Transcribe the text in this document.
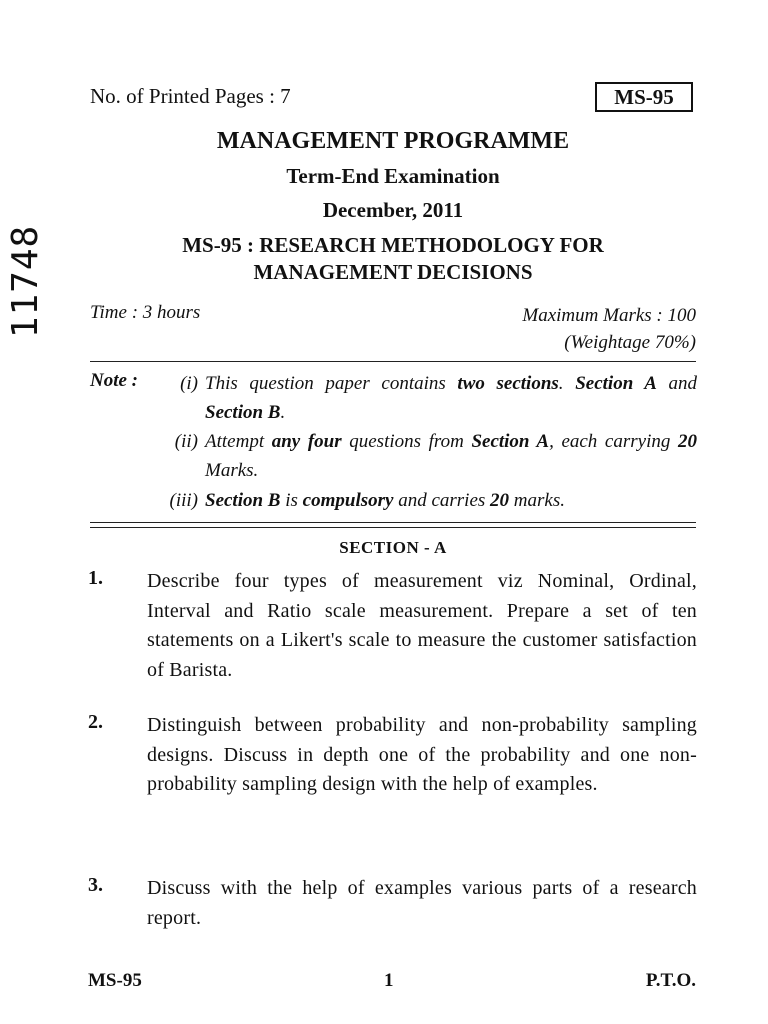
11748
No. of Printed Pages : 7	MS-95
MANAGEMENT PROGRAMME
Term-End Examination
December, 2011
MS-95 : RESEARCH METHODOLOGY FOR
MANAGEMENT DECISIONS
Time : 3 hours	Maximum Marks : 100
(Weightage 70%)
Note :	(i) This question paper contains two sections. Section A and Section B.
(ii) Attempt any four questions from Section A, each carrying 20 Marks.
(iii) Section B is compulsory and carries 20 marks.
SECTION - A
1. Describe four types of measurement viz Nominal, Ordinal, Interval and Ratio scale measurement. Prepare a set of ten statements on a Likert's scale to measure the customer satisfaction of Barista.
2. Distinguish between probability and non-probability sampling designs. Discuss in depth one of the probability and one non-probability sampling design with the help of examples.
3. Discuss with the help of examples various parts of a research report.
MS-95	1	P.T.O.
